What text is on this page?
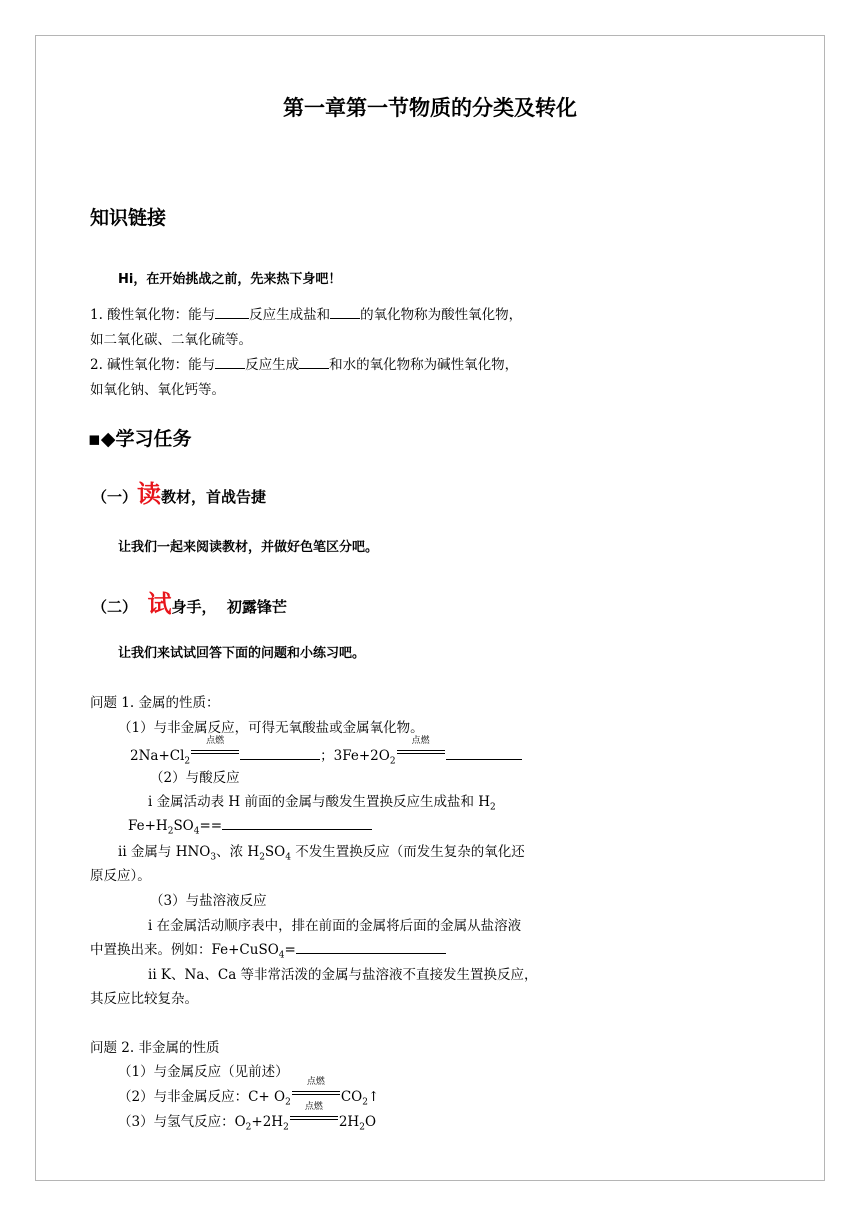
第一章第一节物质的分类及转化
知识链接
Hi，在开始挑战之前，先来热下身吧！
1. 酸性氧化物：能与	反应生成盐和 的氧化物称为酸性氧化物，
如二氧化碳、二氧化硫等。
2. 碱性氧化物：能与 反应生成 和水的氧化物称为碱性氧化物，
如氧化钠、氧化钙等。
▪◆学习任务
（一）读教材，首战告捷
让我们一起来阅读教材，并做好色笔区分吧。
（二）  试身手，  初露锋芒
让我们来试试回答下面的问题和小练习吧。
问题 1. 金属的性质：
（1）与非金属反应，可得无氧酸盐或金属氧化物。
$2Na+Cl_2$
点燃
；$3Fe+2O_2$
点燃
（2）与酸反应
i 金属活动表 H 前面的金属与酸发生置换反应生成盐和 $H_2$
$Fe+H_2SO_4==$
ii 金属与 $HNO_3$、浓 $H_2SO_4$ 不发生置换反应（而发生复杂的氧化还
原反应）。
（3）与盐溶液反应
i 在金属活动顺序表中，排在前面的金属将后面的金属从盐溶液
中置换出来。例如：Fe+CuSO$_4$=
ii K、Na、Ca 等非常活泼的金属与盐溶液不直接发生置换反应，
其反应比较复杂。
问题 2. 非金属的性质
（1）与金属反应（见前述）
（2）与非金属反应：$C+ O_2$
点燃
$CO_2↑$
（3）与氢气反应：$O_2+2H_2$
点燃
$2H_2O$
